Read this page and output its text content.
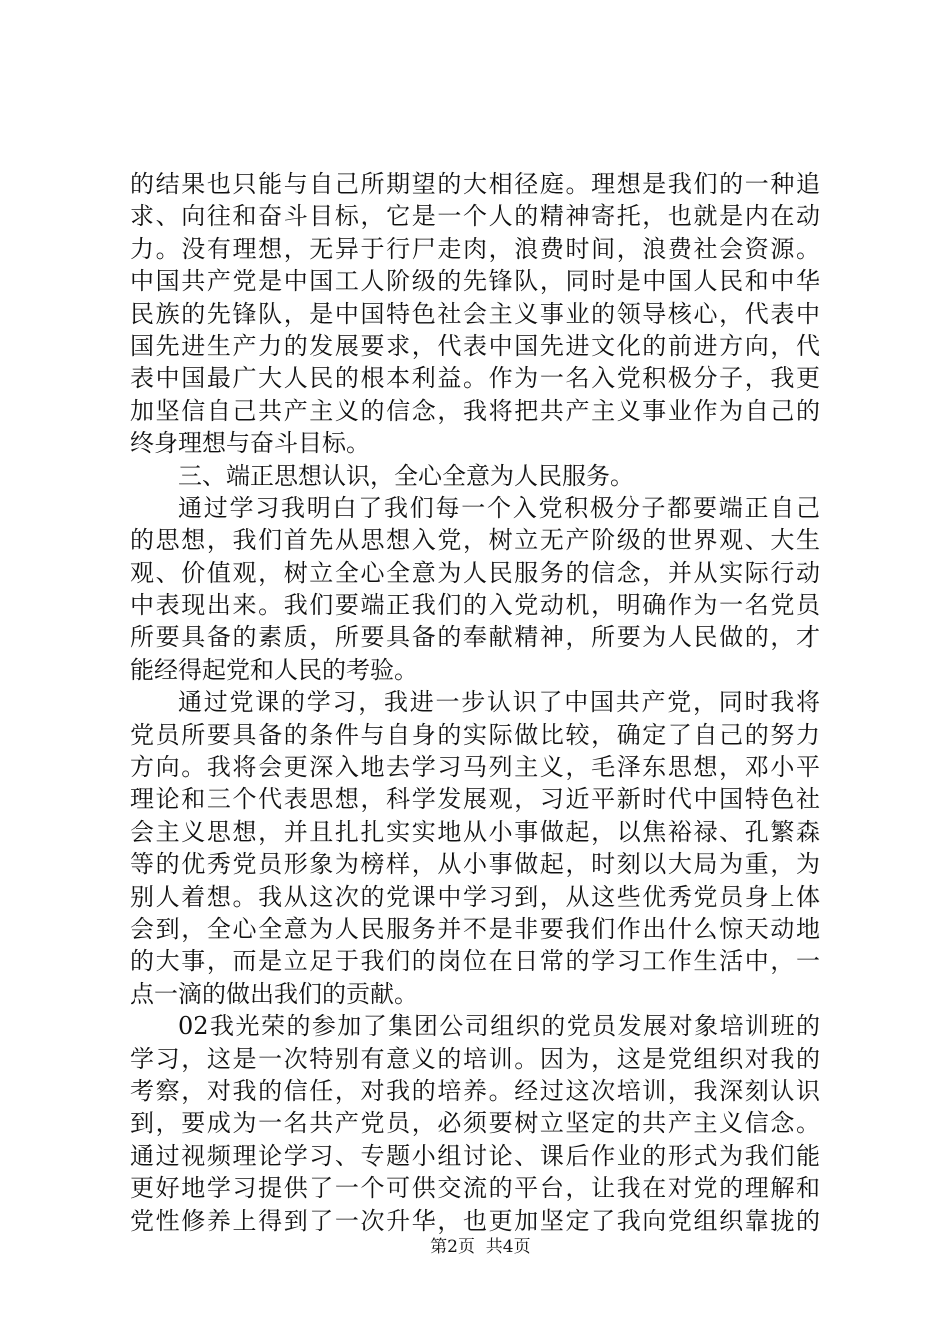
的结果也只能与自己所期望的大相径庭。理想是我们的一种追
求、向往和奋斗目标，它是一个人的精神寄托，也就是内在动
力。没有理想，无异于行尸走肉，浪费时间，浪费社会资源。
中国共产党是中国工人阶级的先锋队，同时是中国人民和中华
民族的先锋队，是中国特色社会主义事业的领导核心，代表中
国先进生产力的发展要求，代表中国先进文化的前进方向，代
表中国最广大人民的根本利益。作为一名入党积极分子，我更
加坚信自己共产主义的信念，我将把共产主义事业作为自己的
终身理想与奋斗目标。
三、端正思想认识，全心全意为人民服务。
通过学习我明白了我们每一个入党积极分子都要端正自己
的思想，我们首先从思想入党，树立无产阶级的世界观、大生
观、价值观，树立全心全意为人民服务的信念，并从实际行动
中表现出来。我们要端正我们的入党动机，明确作为一名党员
所要具备的素质，所要具备的奉献精神，所要为人民做的，才
能经得起党和人民的考验。
通过党课的学习，我进一步认识了中国共产党，同时我将
党员所要具备的条件与自身的实际做比较，确定了自己的努力
方向。我将会更深入地去学习马列主义，毛泽东思想，邓小平
理论和三个代表思想，科学发展观，习近平新时代中国特色社
会主义思想，并且扎扎实实地从小事做起，以焦裕禄、孔繁森
等的优秀党员形象为榜样，从小事做起，时刻以大局为重，为
别人着想。我从这次的党课中学习到，从这些优秀党员身上体
会到，全心全意为人民服务并不是非要我们作出什么惊天动地
的大事，而是立足于我们的岗位在日常的学习工作生活中，一
点一滴的做出我们的贡献。
02我光荣的参加了集团公司组织的党员发展对象培训班的
学习，这是一次特别有意义的培训。因为，这是党组织对我的
考察，对我的信任，对我的培养。经过这次培训，我深刻认识
到，要成为一名共产党员，必须要树立坚定的共产主义信念。
通过视频理论学习、专题小组讨论、课后作业的形式为我们能
更好地学习提供了一个可供交流的平台，让我在对党的理解和
党性修养上得到了一次升华，也更加坚定了我向党组织靠拢的

第2页  共4页
